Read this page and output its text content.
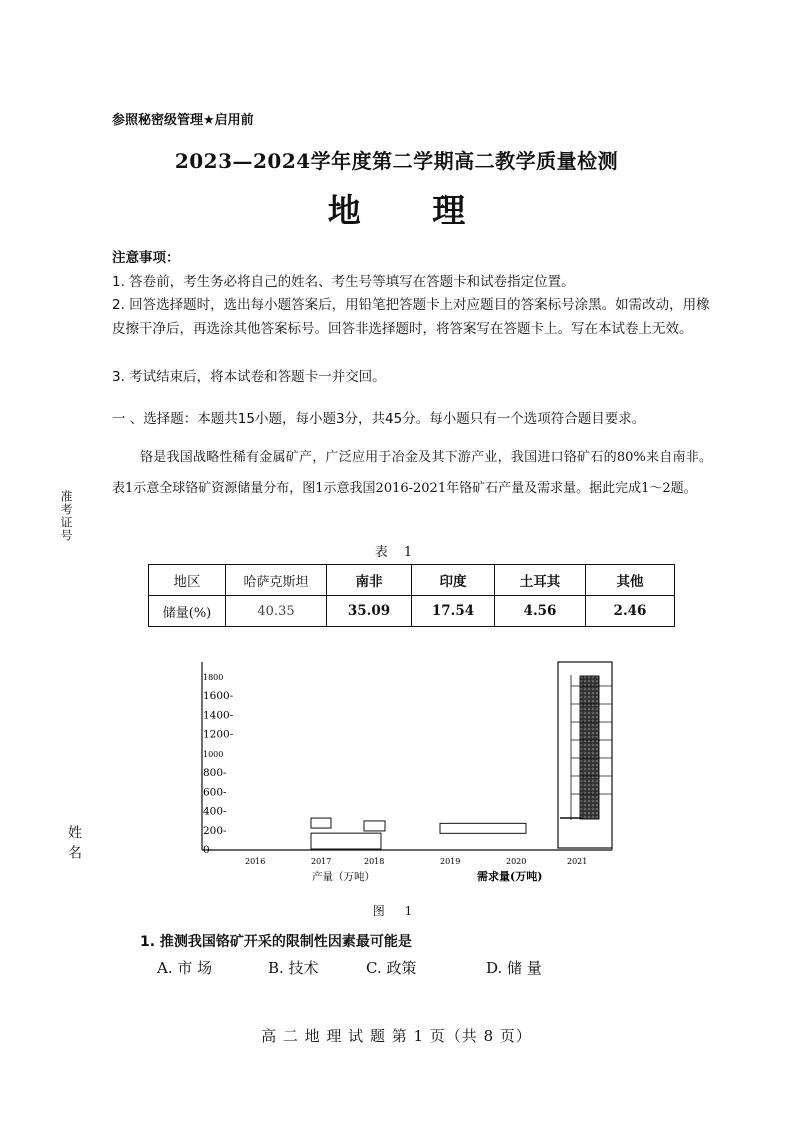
参照秘密级管理★启用前
2023—2024学年度第二学期高二教学质量检测
地 理
注意事项：
1. 答卷前，考生务必将自己的姓名、考生号等填写在答题卡和试卷指定位置。
2. 回答选择题时，选出每小题答案后，用铅笔把答题卡上对应题目的答案标号涂黑。如需改动，用橡皮擦干净后，再选涂其他答案标号。回答非选择题时，将答案写在答题卡上。写在本试卷上无效。
3. 考试结束后，将本试卷和答题卡一并交回。
一 、选择题：本题共15小题，每小题3分，共45分。每小题只有一个选项符合题目要求。
铬是我国战略性稀有金属矿产，广泛应用于冶金及其下游产业，我国进口铬矿石的80%来自南非。表1示意全球铬矿资源储量分布，图1示意我国2016-2021年铬矿石产量及需求量。据此完成1～2题。
准考证号
姓名
表 1
地区	哈萨克斯坦	南非	印度	土耳其	其他
储量(%)	40.35	35.09	17.54	4.56	2.46
1800
1600-
1400-
1200-
1000
800-
600-
400-
200-
0-
2016	2017	2018	2019	2020	2021
产量（万吨）	需求量(万吨)
图 1
1. 推测我国铬矿开采的限制性因素最可能是
A. 市 场	B. 技术	C. 政策	D. 储 量
高 二 地 理 试 题 第 1 页（共 8 页）
